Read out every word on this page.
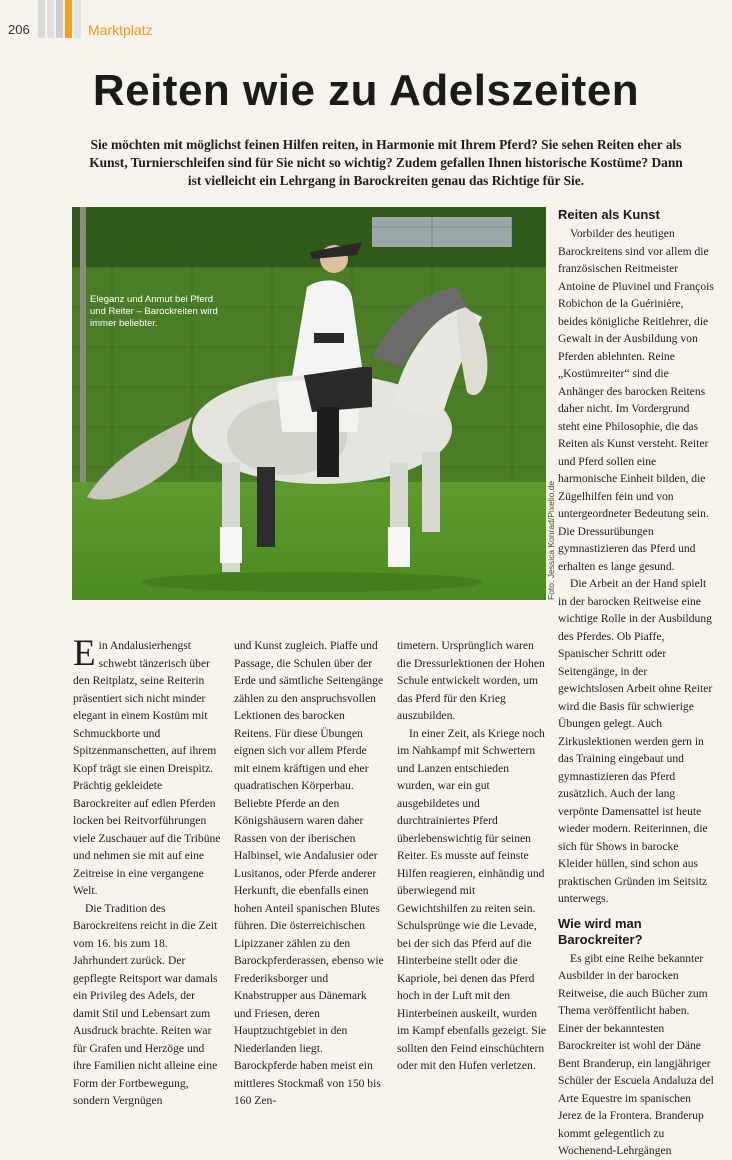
206	Marktplatz
Reiten wie zu Adelszeiten
Sie möchten mit möglichst feinen Hilfen reiten, in Harmonie mit Ihrem Pferd? Sie sehen Reiten eher als Kunst, Turnierschleifen sind für Sie nicht so wichtig? Zudem gefallen Ihnen historische Kostüme? Dann ist vielleicht ein Lehrgang in Barockreiten genau das Richtige für Sie.
Eleganz und Anmut bei Pferd und Reiter – Barockreiten wird immer beliebter.
Foto: Jessica Konrad/Pixelio.de

Ein Andalusierhengst schwebt tänzerisch über den Reitplatz, seine Reiterin präsentiert sich nicht minder elegant in einem Kostüm mit Schmuckborte und Spitzenmanschetten, auf ihrem Kopf trägt sie einen Dreispitz. Prächtig gekleidete Barockreiter auf edlen Pferden locken bei Reitvorführungen viele Zuschauer auf die Tribüne und nehmen sie mit auf eine Zeitreise in eine vergangene Welt.

Die Tradition des Barockreitens reicht in die Zeit vom 16. bis zum 18. Jahrhundert zurück. Der gepflegte Reitsport war damals ein Privileg des Adels, der damit Stil und Lebensart zum Ausdruck brachte. Reiten war für Grafen und Herzöge und ihre Familien nicht alleine eine Form der Fortbewegung, sondern Vergnügen

und Kunst zugleich. Piaffe und Passage, die Schulen über der Erde und sämtliche Seitengänge zählen zu den anspruchsvollen Lektionen des barocken Reitens. Für diese Übungen eignen sich vor allem Pferde mit einem kräftigen und eher quadratischen Körperbau. Beliebte Pferde an den Königshäusern waren daher Rassen von der iberischen Halbinsel, wie Andalusier oder Lusitanos, oder Pferde anderer Herkunft, die ebenfalls einen hohen Anteil spanischen Blutes führen. Die österreichischen Lipizzaner zählen zu den Barockpferderassen, ebenso wie Frederiksborger und Knabstrupper aus Dänemark und Friesen, deren Hauptzuchtgebiet in den Niederlanden liegt. Barockpferde haben meist ein mittleres Stockmaß von 150 bis 160 Zen-

timetern. Ursprünglich waren die Dressurlektionen der Hohen Schule entwickelt worden, um das Pferd für den Krieg auszubilden.

In einer Zeit, als Kriege noch im Nahkampf mit Schwertern und Lanzen entschieden wurden, war ein gut ausgebildetes und durchtrainiertes Pferd überlebenswichtig für seinen Reiter. Es musste auf feinste Hilfen reagieren, einhändig und überwiegend mit Gewichtshilfen zu reiten sein. Schulsprünge wie die Levade, bei der sich das Pferd auf die Hinterbeine stellt oder die Kapriole, bei denen das Pferd hoch in der Luft mit den Hinterbeinen auskeilt, wurden im Kampf ebenfalls gezeigt. Sie sollten den Feind einschüchtern oder mit den Hufen verletzen.

Reiten als Kunst

Vorbilder des heutigen Barockreitens sind vor allem die französischen Reitmeister Antoine de Pluvinel und François Robichon de la Guérinière, beides königliche Reitlehrer, die Gewalt in der Ausbildung von Pferden ablehnten. Reine „Kostümreiter“ sind die Anhänger des barocken Reitens daher nicht. Im Vordergrund steht eine Philosophie, die das Reiten als Kunst versteht. Reiter und Pferd sollen eine harmonische Einheit bilden, die Zügelhilfen fein und von untergeordneter Bedeutung sein. Die Dressurübungen gymnastizieren das Pferd und erhalten es lange gesund.

Die Arbeit an der Hand spielt in der barocken Reitweise eine wichtige Rolle in der Ausbildung des Pferdes. Ob Piaffe, Spanischer Schritt oder Seitengänge, in der gewichtslosen Arbeit ohne Reiter wird die Basis für schwierige Übungen gelegt. Auch Zirkuslektionen werden gern in das Training eingebaut und gymnastizieren das Pferd zusätzlich. Auch der lang verpönte Damensattel ist heute wieder modern. Reiterinnen, die sich für Shows in barocke Kleider hüllen, sind schon aus praktischen Gründen im Seitsitz unterwegs.

Wie wird man Barockreiter?

Es gibt eine Reihe bekannter Ausbilder in der barocken Reitweise, die auch Bücher zum Thema veröffentlicht haben. Einer der bekanntesten Barockreiter ist wohl der Däne Bent Branderup, ein langjähriger Schüler der Escuela Andaluza del Arte Equestre im spanischen Jerez de la Frontera. Branderup kommt gelegentlich zu Wochenend-Lehrgängen
